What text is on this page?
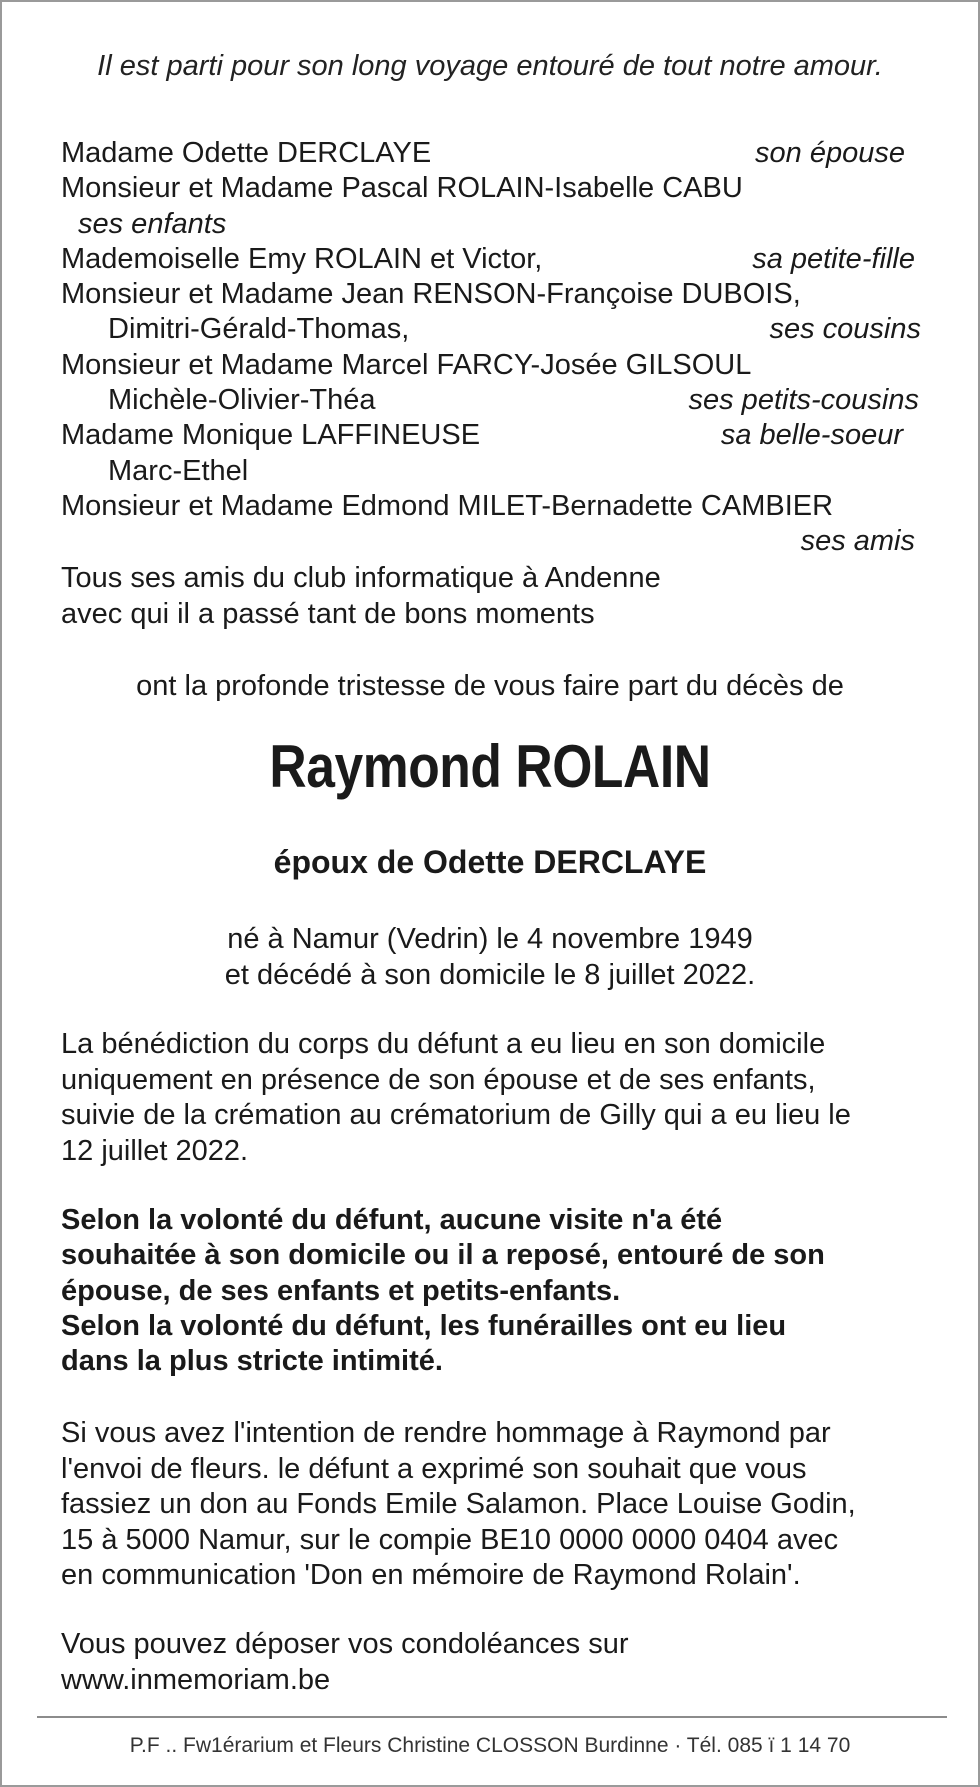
Il est parti pour son long voyage entouré de tout notre amour.
Madame Odette DERCLAYE	son épouse
Monsieur et Madame Pascal ROLAIN-Isabelle CABU
ses enfants
Mademoiselle Emy ROLAIN et Victor,	sa petite-fille
Monsieur et Madame Jean RENSON-Françoise DUBOIS,
Dimitri-Gérald-Thomas,	ses cousins
Monsieur et Madame Marcel FARCY-Josée GILSOUL
Michèle-Olivier-Théa	ses petits-cousins
Madame Monique LAFFINEUSE	sa belle-soeur
Marc-Ethel
Monsieur et Madame Edmond MILET-Bernadette CAMBIER
ses amis
Tous ses amis du club informatique à Andenne
avec qui il a passé tant de bons moments
ont la profonde tristesse de vous faire part du décès de
Raymond ROLAIN
époux de Odette DERCLAYE
né à Namur (Vedrin) le 4 novembre 1949
et décédé à son domicile le 8 juillet 2022.
La bénédiction du corps du défunt a eu lieu en son domicile
uniquement en présence de son épouse et de ses enfants,
suivie de la crémation au crématorium de Gilly qui a eu lieu le
12 juillet 2022.
Selon la volonté du défunt, aucune visite n'a été
souhaitée à son domicile ou il a reposé, entouré de son
épouse, de ses enfants et petits-enfants.
Selon la volonté du défunt, les funérailles ont eu lieu
dans la plus stricte intimité.
Si vous avez l'intention de rendre hommage à Raymond par
l'envoi de fleurs. le défunt a exprimé son souhait que vous
fassiez un don au Fonds Emile Salamon. Place Louise Godin,
15 à 5000 Namur, sur le compie BE10 0000 0000 0404 avec
en communication 'Don en mémoire de Raymond Rolain'.
Vous pouvez déposer vos condoléances sur
www.inmemoriam.be
P.F .. Fw1érarium et Fleurs Christine CLOSSON Burdinne · Tél. 085 ï 1 14 70
